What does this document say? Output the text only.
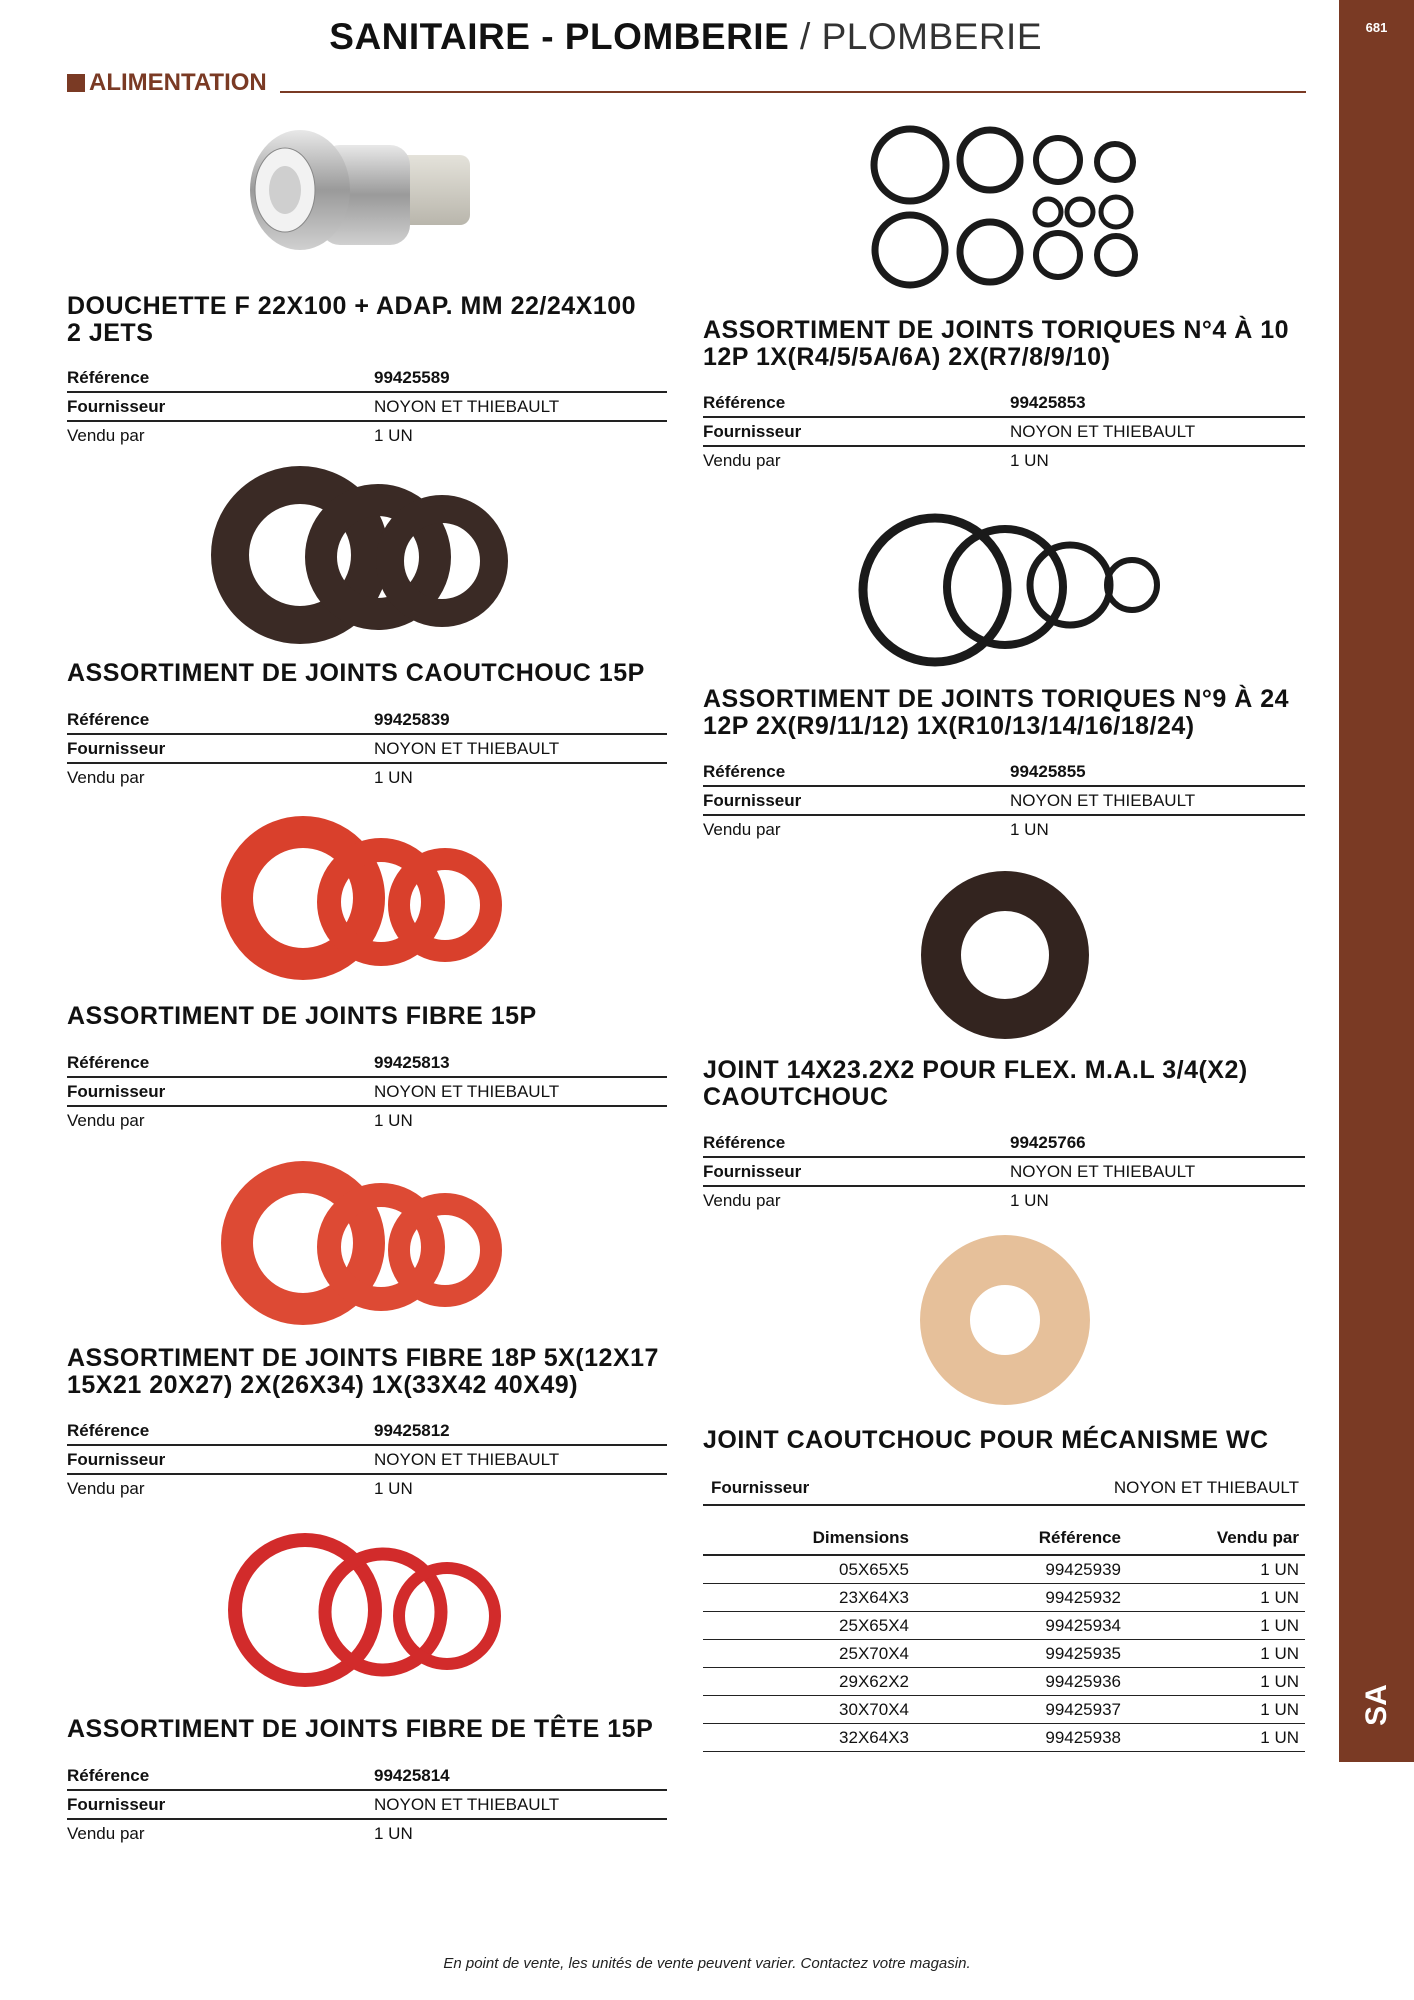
SANITAIRE - PLOMBERIE / PLOMBERIE	681
SA
ALIMENTATION
DOUCHETTE F 22X100 + ADAP. MM 22/24X100
2 JETS
Référence	99425589
Fournisseur	NOYON ET THIEBAULT
Vendu par	1 UN
ASSORTIMENT DE JOINTS CAOUTCHOUC 15P
Référence	99425839
Fournisseur	NOYON ET THIEBAULT
Vendu par	1 UN
ASSORTIMENT DE JOINTS FIBRE 15P
Référence	99425813
Fournisseur	NOYON ET THIEBAULT
Vendu par	1 UN
ASSORTIMENT DE JOINTS FIBRE 18P 5X(12X17
15X21 20X27) 2X(26X34) 1X(33X42 40X49)
Référence	99425812
Fournisseur	NOYON ET THIEBAULT
Vendu par	1 UN
ASSORTIMENT DE JOINTS FIBRE DE TÊTE 15P
Référence	99425814
Fournisseur	NOYON ET THIEBAULT
Vendu par	1 UN
ASSORTIMENT DE JOINTS TORIQUES N°4 À 10
12P 1X(R4/5/5A/6A) 2X(R7/8/9/10)
Référence	99425853
Fournisseur	NOYON ET THIEBAULT
Vendu par	1 UN
ASSORTIMENT DE JOINTS TORIQUES N°9 À 24
12P 2X(R9/11/12) 1X(R10/13/14/16/18/24)
Référence	99425855
Fournisseur	NOYON ET THIEBAULT
Vendu par	1 UN
JOINT 14X23.2X2 POUR FLEX. M.A.L 3/4(X2)
CAOUTCHOUC
Référence	99425766
Fournisseur	NOYON ET THIEBAULT
Vendu par	1 UN
JOINT CAOUTCHOUC POUR MÉCANISME WC
Fournisseur	NOYON ET THIEBAULT
Dimensions	Référence	Vendu par
05X65X5	99425939	1 UN
23X64X3	99425932	1 UN
25X65X4	99425934	1 UN
25X70X4	99425935	1 UN
29X62X2	99425936	1 UN
30X70X4	99425937	1 UN
32X64X3	99425938	1 UN
En point de vente, les unités de vente peuvent varier. Contactez votre magasin.
